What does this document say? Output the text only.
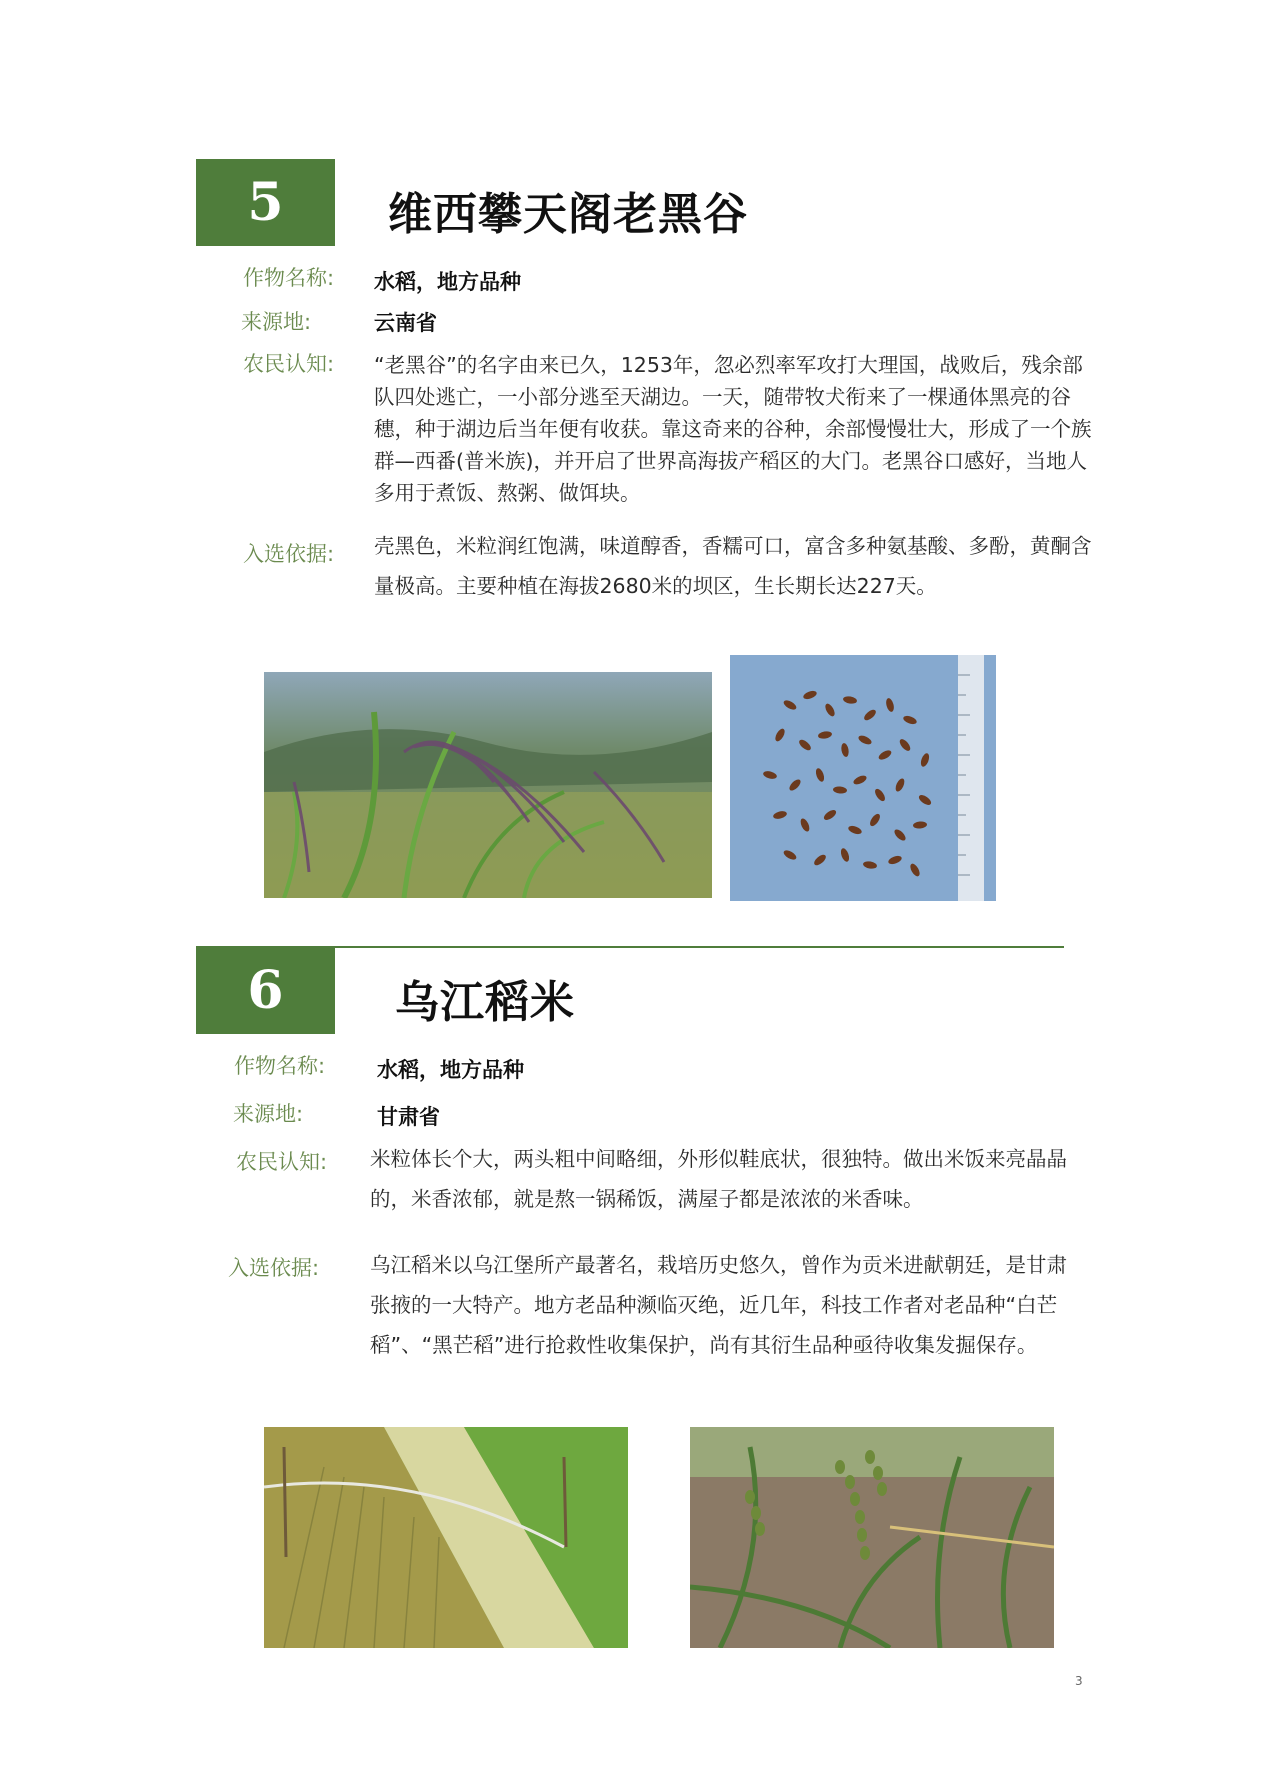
5 维西攀天阁老黑谷
作物名称: 水稻，地方品种
来源地:	云南省
农民认知: “老黑谷”的名字由来已久，1253年，忽必烈率军攻打大理国，战败后，残余部队四处逃亡，一小部分逃至天湖边。一天，随带牧犬衔来了一棵通体黑亮的谷穗，种于湖边后当年便有收获。靠这奇来的谷种，余部慢慢壮大，形成了一个族群—西番(普米族)，并开启了世界高海拔产稻区的大门。老黑谷口感好，当地人多用于煮饭、熬粥、做饵块。
入选依据: 壳黑色，米粒润红饱满，味道醇香，香糯可口，富含多种氨基酸、多酚，黄酮含量极高。主要种植在海拔2680米的坝区，生长期长达227天。
6	乌江稻米
作物名称: 水稻，地方品种
来源地:	甘肃省
农民认知: 米粒体长个大，两头粗中间略细，外形似鞋底状，很独特。做出米饭来亮晶晶的，米香浓郁，就是熬一锅稀饭，满屋子都是浓浓的米香味。
入选依据: 乌江稻米以乌江堡所产最著名，栽培历史悠久，曾作为贡米进献朝廷，是甘肃张掖的一大特产。地方老品种濒临灭绝，近几年，科技工作者对老品种“白芒稻”、“黑芒稻”进行抢救性收集保护，尚有其衍生品种亟待收集发掘保存。
3
